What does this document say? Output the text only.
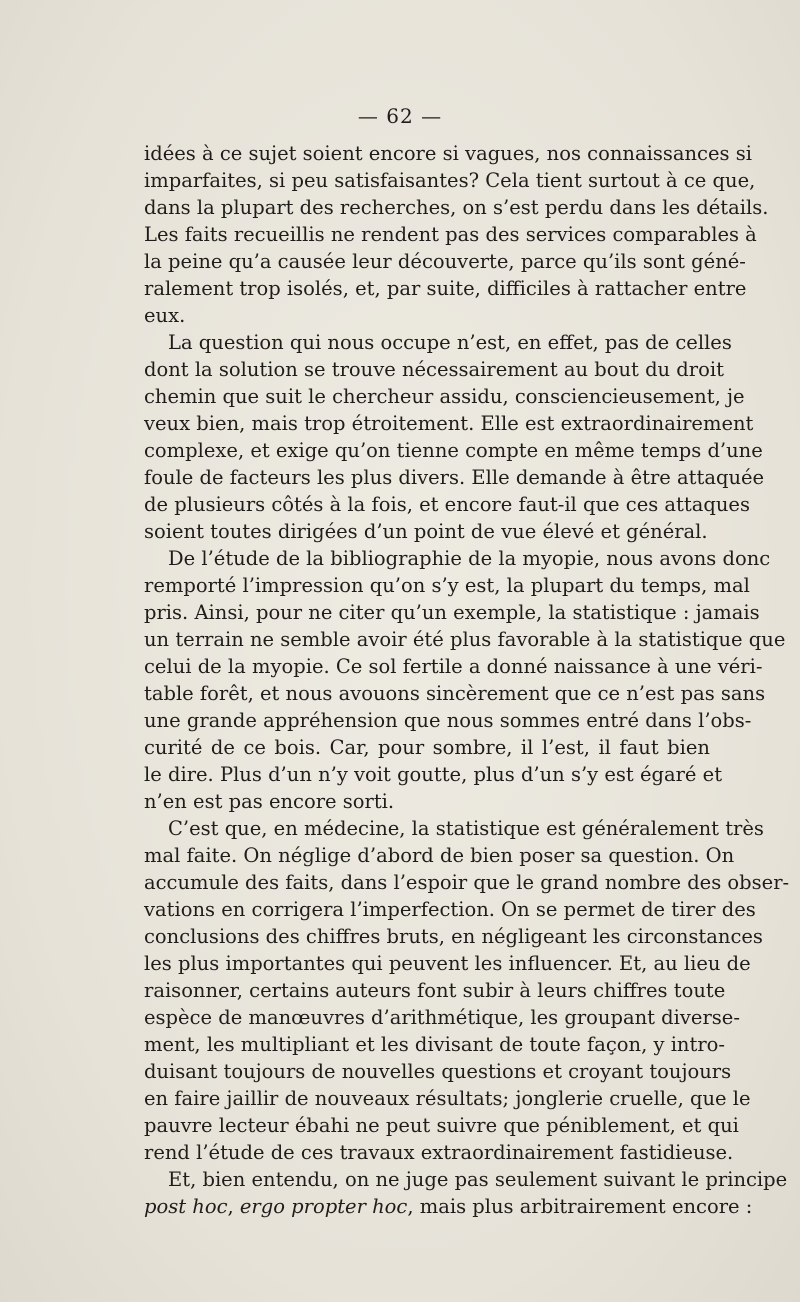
— 62 —
idées à ce sujet soient encore si vagues, nos connaissances si
imparfaites, si peu satisfaisantes? Cela tient surtout à ce que,
dans la plupart des recherches, on s’est perdu dans les détails.
Les faits recueillis ne rendent pas des services comparables à
la peine qu’a causée leur découverte, parce qu’ils sont géné-
ralement trop isolés, et, par suite, difficiles à rattacher entre
eux.
La question qui nous occupe n’est, en effet, pas de celles
dont la solution se trouve nécessairement au bout du droit
chemin que suit le chercheur assidu, consciencieusement, je
veux bien, mais trop étroitement. Elle est extraordinairement
complexe, et exige qu’on tienne compte en même temps d’une
foule de facteurs les plus divers. Elle demande à être attaquée
de plusieurs côtés à la fois, et encore faut-il que ces attaques
soient toutes dirigées d’un point de vue élevé et général.
De l’étude de la bibliographie de la myopie, nous avons donc
remporté l’impression qu’on s’y est, la plupart du temps, mal
pris. Ainsi, pour ne citer qu’un exemple, la statistique : jamais
un terrain ne semble avoir été plus favorable à la statistique que
celui de la myopie. Ce sol fertile a donné naissance à une véri-
table forêt, et nous avouons sincèrement que ce n’est pas sans
une grande appréhension que nous sommes entré dans l’obs-
curité de ce bois. Car, pour sombre, il l’est, il faut bien
le dire. Plus d’un n’y voit goutte, plus d’un s’y est égaré et
n’en est pas encore sorti.
C’est que, en médecine, la statistique est généralement très
mal faite. On néglige d’abord de bien poser sa question. On
accumule des faits, dans l’espoir que le grand nombre des obser-
vations en corrigera l’imperfection. On se permet de tirer des
conclusions des chiffres bruts, en négligeant les circonstances
les plus importantes qui peuvent les influencer. Et, au lieu de
raisonner, certains auteurs font subir à leurs chiffres toute
espèce de manœuvres d’arithmétique, les groupant diverse-
ment, les multipliant et les divisant de toute façon, y intro-
duisant toujours de nouvelles questions et croyant toujours
en faire jaillir de nouveaux résultats; jonglerie cruelle, que le
pauvre lecteur ébahi ne peut suivre que péniblement, et qui
rend l’étude de ces travaux extraordinairement fastidieuse.
Et, bien entendu, on ne juge pas seulement suivant le principe
post hoc, ergo propter hoc, mais plus arbitrairement encore :
